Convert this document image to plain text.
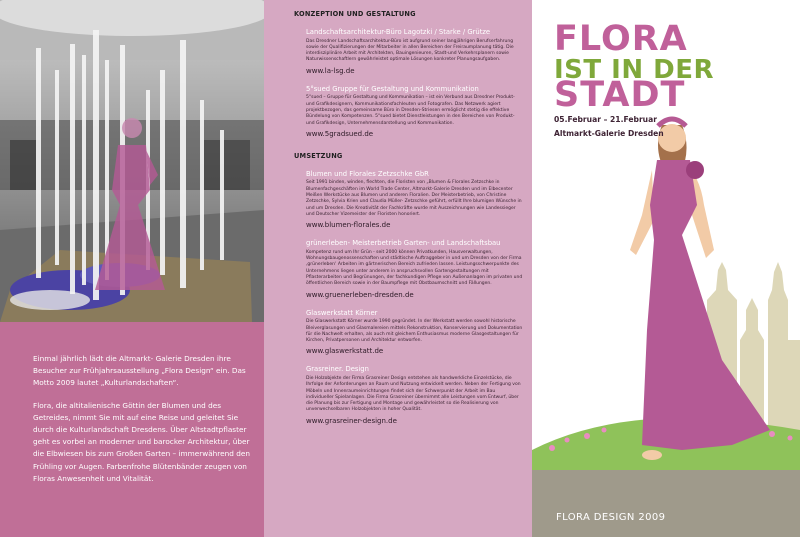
Einmal jährlich lädt die Altmarkt- Galerie Dresden ihre Besucher zur Frühjahrsausstellung „Flora Design“ ein. Das Motto 2009 lautet „Kulturlandschaften“.

Flora, die altitalienische Göttin der Blumen und des Getreides, nimmt Sie mit auf eine Reise und geleitet Sie durch die Kulturlandschaft Dresdens. Über Altstadtpflaster geht es vorbei an moderner und barocker Architektur, über die Elbwiesen bis zum Großen Garten – immerwährend den Frühling vor Augen. Farbenfrohe Blütenbänder zeugen von Floras Anwesenheit und Vitalität.

KONZEPTION UND GESTALTUNG
Landschaftsarchitektur-Büro Lagotzki / Starke / Grütze
Das Dresdner Landschaftsarchitektur-Büro ist aufgrund seiner langjährigen Berufserfahrung sowie der Qualifizierungen der Mitarbeiter in allen Bereichen der Freiraumplanung tätig. Die interdisziplinäre Arbeit mit Architekten, Bauingenieuren, Stadt-und Verkehrsplanern sowie Naturwissenschaftlern gewährleistet optimale Lösungen konkreter Planungsaufgaben.
www.la-lsg.de
5°sued Gruppe für Gestaltung und Kommunikation
5°sued – Gruppe für Gestaltung und Kommunikation – ist ein Verbund aus Dresdner Produkt- und Grafikdesignern, Kommunikationsfachleuten und Fotografen. Das Netzwerk agiert projektbezogen, das gemeinsame Büro in Dresden-Striesen ermöglicht stetig die effektive Bündelung von Kompetenzen. 5°sued bietet Dienstleistungen in den Bereichen von Produkt- und Grafikdesign, Unternehmensdarstellung und Kommunikation.
www.5gradsued.de
UMSETZUNG
Blumen und Florales Zetzschke GbR
Seit 1991 binden, winden, flechten, die Floristen von „Blumen & Florales Zetzschke in Blumenfachgeschäften im World Trade Center, Altmarkt-Galerie Dresden und im Elbecenter Meißen Werkstücke aus Blumen und anderen Floralien. Der Meisterbetrieb, von Christine Zetzschke, Sylvia Krien und Claudia Müller- Zetzschke geführt, erfüllt Ihre blumigen Wünsche in und um Dresden. Die Kreativität der Fachkräfte wurde mit Auszeichnungen wie Landessieger und Deutscher Vizemeister der Floristen honoriert.
www.blumen-florales.de
grünerleben- Meisterbetrieb Garten- und Landschaftsbau
Kompetenz rund um Ihr Grün - seit 2000 können Privatkunden, Hausverwaltungen, Wohnungsbaugenossenschaften und städtische Auftraggeber in und um Dresden von der Firma ‚grünerleben‘ Arbeiten im gärtnerischen Bereich zufrieden lassen. Leistungsschwerpunkte des Unternehmens liegen unter anderem in anspruchsvollen Gartengestaltungen mit Pflasterarbeiten und Begrünungen, der fachkundigen Pflege von Außenanlagen im privaten und öffentlichen Bereich sowie in der Baumpflege mit Obstbaumschnitt und Fällungen.
www.gruenerleben-dresden.de
Glaswerkstatt Körner
Die Glaswerkstatt Körner wurde 1990 gegründet. In der Werkstatt werden sowohl historische Bleiverglasungen und Glasmalereien mittels Rekonstruktion, Konservierung und Dokumentation für die Nachwelt erhalten, als auch mit gleichem Enthusiasmus moderne Glasgestaltungen für Kirchen, Privatpersonen und Architektur entworfen.
www.glaswerkstatt.de
Grasreiner. Design
Die Holzobjekte der Firma Grasreiner Design entstehen als handwerkliche Einzelstücke, die Ihrfolge der Anforderungen an Raum und Nutzung entwickelt werden. Neben der Fertigung von Möbeln und Innenraumeinrichtungen findet sich der Schwerpunkt der Arbeit im Bau individueller Spielanlagen. Die Firma Grasreiner übernimmt alle Leistungen vom Entwurf, über die Planung bis zur Fertigung und Montage und gewährleistet so die Realisierung von unverwechselbaren Holzobjekten in hoher Qualität.
www.grasreiner-design.de
FLORA
IST IN DER
STADT
05.Februar – 21.Februar
Altmarkt-Galerie Dresden
FLORA DESIGN 2009
